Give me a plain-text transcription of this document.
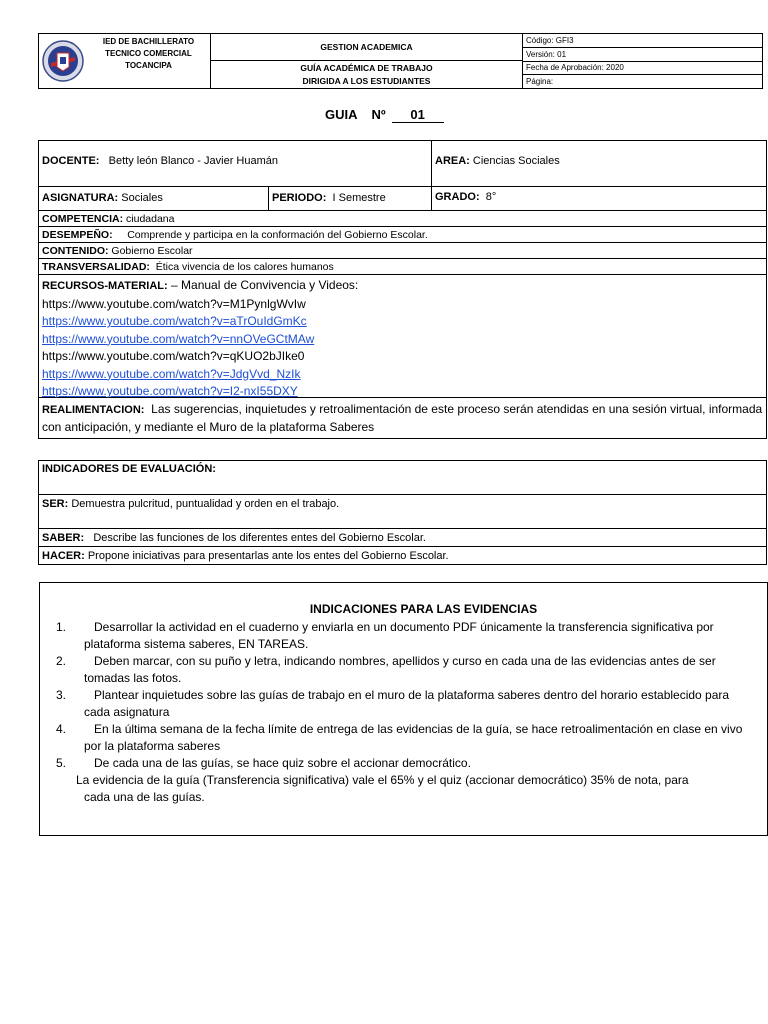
IED DE BACHILLERATO
TECNICO COMERCIAL
TOCANCIPA
GESTION ACADEMICA
GUÍA ACADÉMICA DE TRABAJO
DIRIGIDA A LOS ESTUDIANTES
Código: GFI3
Versión: 01
Fecha de Aprobación: 2020
Página:
GUIA    Nº 01
DOCENTE: Betty león Blanco - Javier Huamán	AREA: Ciencias Sociales
ASIGNATURA: Sociales	PERIODO: I Semestre	GRADO: 8°
COMPETENCIA:
ciudadana
DESEMPEÑO:
Comprende y participa en la conformación del Gobierno Escolar.
CONTENIDO:
Gobierno Escolar
TRANSVERSALIDAD:
Ética vivencia de los calores humanos
RECURSOS-MATERIAL: – Manual de Convivencia y Videos:
https://www.youtube.com/watch?v=M1PynlgWvIw
https://www.youtube.com/watch?v=aTrOuIdGmKc
https://www.youtube.com/watch?v=nnOVeGCtMAw
https://www.youtube.com/watch?v=qKUO2bJIke0
https://www.youtube.com/watch?v=JdgVvd_NzIk
https://www.youtube.com/watch?v=I2-nxI55DXY
REALIMENTACION: Las sugerencias, inquietudes y retroalimentación de este proceso serán atendidas en una sesión virtual, informada con anticipación, y mediante el Muro de la plataforma Saberes
INDICADORES DE EVALUACIÓN:
SER:
Demuestra pulcritud, puntualidad y orden en el trabajo.
SABER:
Describe las funciones de los diferentes entes del Gobierno Escolar.
HACER:
Propone iniciativas para presentarlas ante los entes del Gobierno Escolar.
INDICACIONES PARA LAS EVIDENCIAS
1.	Desarrollar la actividad en el cuaderno y enviarla en un documento PDF únicamente la transferencia significativa por plataforma sistema saberes, EN TAREAS.
2.	Deben marcar, con su puño y letra, indicando nombres, apellidos y curso en cada una de las evidencias antes de ser tomadas las fotos.
3.	Plantear inquietudes sobre las guías de trabajo en el muro de la plataforma saberes dentro del horario establecido para cada asignatura
4.	En la última semana de la fecha límite de entrega de las evidencias de la guía, se hace retroalimentación en clase en vivo por la plataforma saberes
5.	De cada una de las guías, se hace quiz sobre el accionar democrático.
La evidencia de la guía (Transferencia significativa) vale el 65% y el quiz (accionar democrático) 35% de nota, para
cada una de las guías.
